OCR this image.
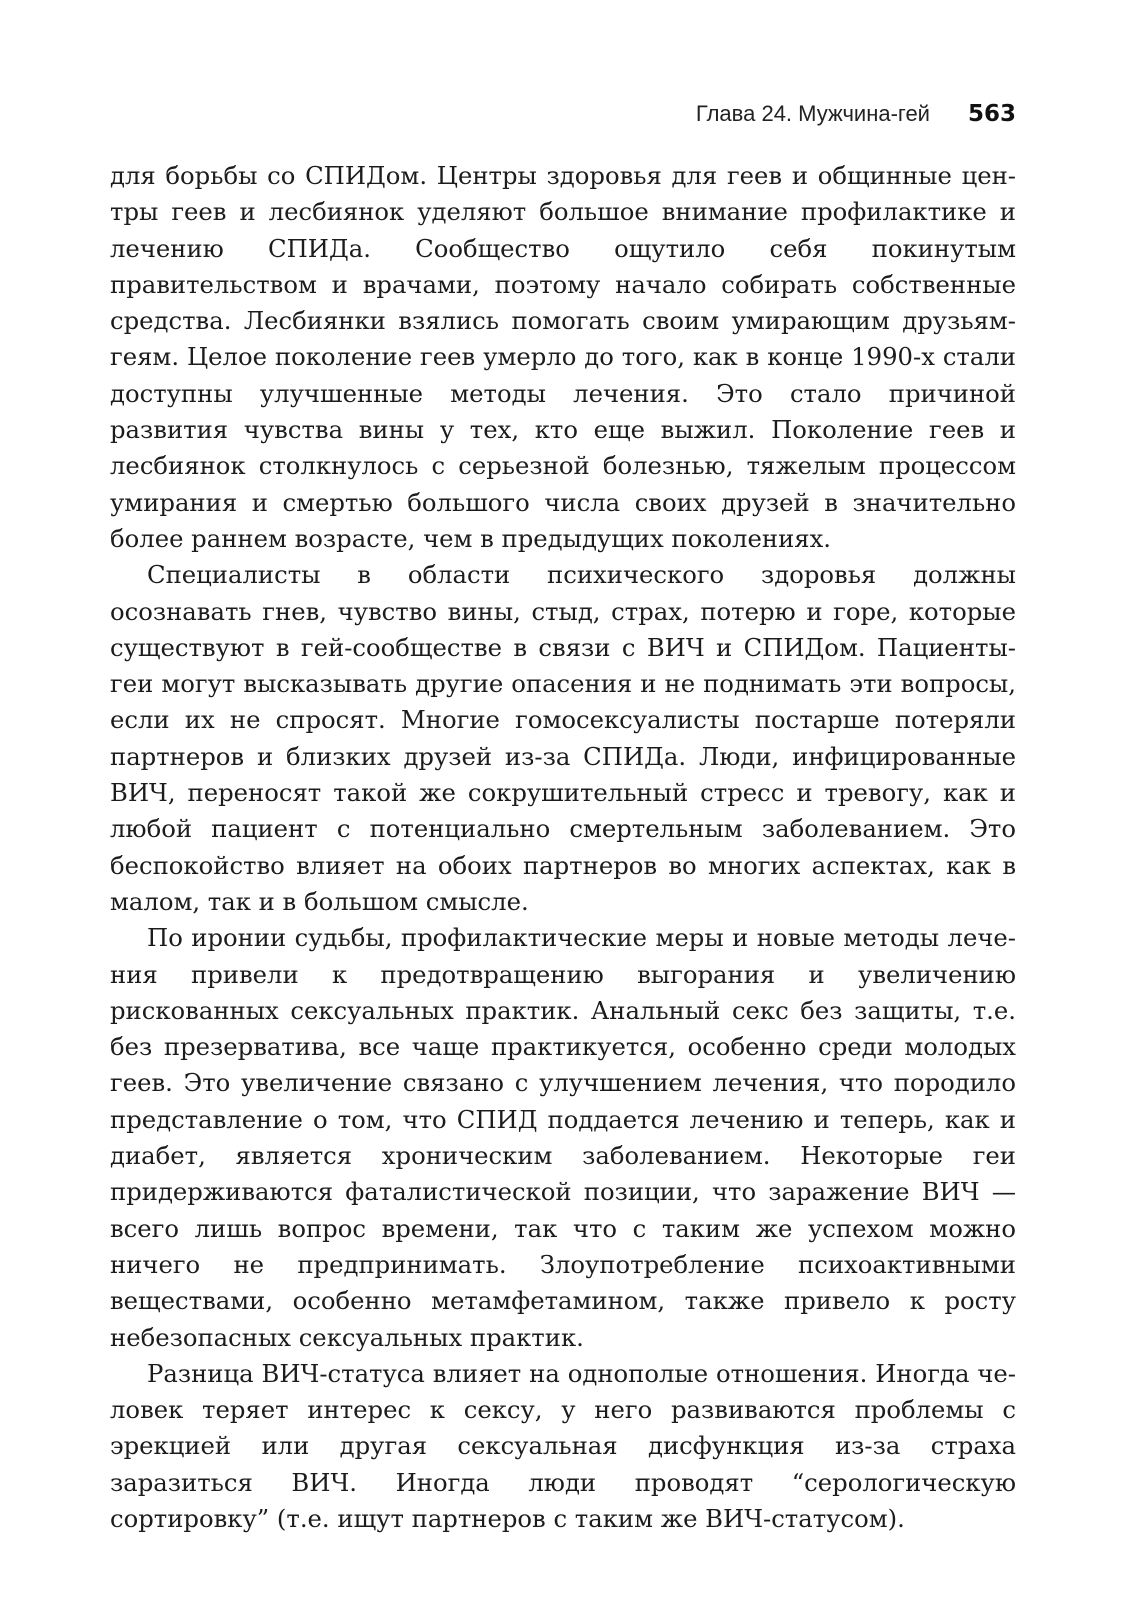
Глава 24. Мужчина-гей 563

для борьбы со СПИДом. Центры здоровья для геев и общинные центры геев и лесбиянок уделяют большое внимание профилактике и лечению СПИДа. Сообщество ощутило себя покинутым правительством и врачами, поэтому начало собирать собственные средства. Лесбиянки взялись помогать своим умирающим друзьям-геям. Целое поколение геев умерло до того, как в конце 1990-х стали доступны улучшенные методы лечения. Это стало причиной развития чувства вины у тех, кто еще выжил. Поколение геев и лесбиянок столкнулось с серьезной болезнью, тяжелым процессом умирания и смертью большого числа своих друзей в значительно более раннем возрасте, чем в предыдущих поколениях.

Специалисты в области психического здоровья должны осознавать гнев, чувство вины, стыд, страх, потерю и горе, которые существуют в гей-сообществе в связи с ВИЧ и СПИДом. Пациенты-геи могут высказывать другие опасения и не поднимать эти вопросы, если их не спросят. Многие гомосексуалисты постарше потеряли партнеров и близких друзей из-за СПИДа. Люди, инфицированные ВИЧ, переносят такой же сокрушительный стресс и тревогу, как и любой пациент с потенциально смертельным заболеванием. Это беспокойство влияет на обоих партнеров во многих аспектах, как в малом, так и в большом смысле.

По иронии судьбы, профилактические меры и новые методы лечения привели к предотвращению выгорания и увеличению рискованных сексуальных практик. Анальный секс без защиты, т.е. без презерватива, все чаще практикуется, особенно среди молодых геев. Это увеличение связано с улучшением лечения, что породило представление о том, что СПИД поддается лечению и теперь, как и диабет, является хроническим заболеванием. Некоторые геи придерживаются фаталистической позиции, что заражение ВИЧ — всего лишь вопрос времени, так что с таким же успехом можно ничего не предпринимать. Злоупотребление психоактивными веществами, особенно метамфетамином, также привело к росту небезопасных сексуальных практик.

Разница ВИЧ-статуса влияет на однополые отношения. Иногда человек теряет интерес к сексу, у него развиваются проблемы с эрекцией или другая сексуальная дисфункция из-за страха заразиться ВИЧ. Иногда люди проводят “серологическую сортировку” (т.е. ищут партнеров с таким же ВИЧ-статусом).
